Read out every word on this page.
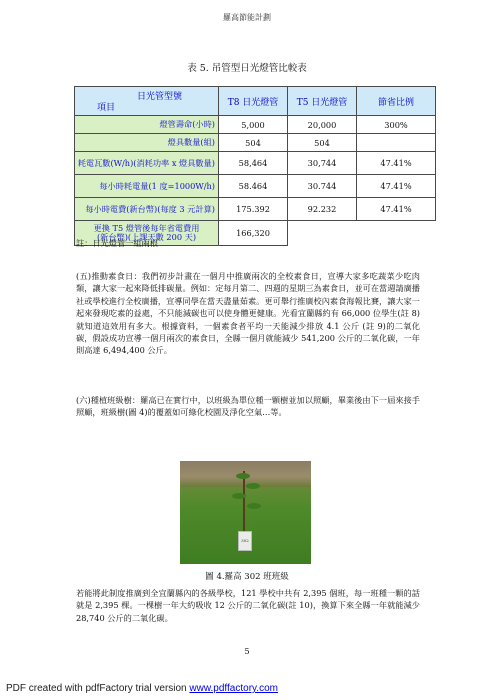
羅高節能計劃
表 5. 吊管型日光燈管比較表
日光管型號
項目	T8 日光燈管	T5 日光燈管	節省比例
燈管壽命(小時)	5,000	20,000	300%
燈具數量(組)	504	504	
耗電瓦數(W/h)(消耗功率 x 燈具數量)	58,464	30,744	47.41%
每小時耗電量(1 度=1000W/h)	58.464	30.744	47.41%
每小時電費(新台幣)(每度 3 元計算)	175.392	92.232	47.41%

更換 T5 燈管後每年省電費用
(新台幣)(上課天數 200 天)	166,320		
註：日光燈管一組兩根

(五)推動素食日：我們初步計畫在一個月中推廣兩次的全校素食日，宣導大家多吃蔬菜少吃肉類，讓大家一起來降低排碳量。例如：定每月第二、四週的星期三為素食日，並可在當週請廣播社或學校進行全校廣播，宣導同學在當天盡量茹素。更可舉行推廣校內素食海報比賽，讓大家一起來發現吃素的益處，不只能減碳也可以使身體更健康。光看宜蘭縣約有 66,000 位學生(註 8)就知道這效用有多大。根據資料，一個素食者平均一天能減少排放 4.1 公斤 (註 9)的二氧化碳，假設成功宣導一個月兩次的素食日，全縣一個月就能減少 541,200 公斤的二氧化碳，一年則高達 6,494,400 公斤。

(六)種植班級樹：羅高已在實行中，以班級為單位種一顆樹並加以照顧，畢業後由下一屆來接手照顧，班級樹(圖 4)的覆蓋如可綠化校園及淨化空氣…等。

302
圖 4.羅高 302 班班級

若能將此制度推廣到全宜蘭縣內的各級學校，121 學校中共有 2,395 個班，每一班種一顆的話就是 2,395 棵。一棵樹一年大約吸收 12 公斤的二氧化碳(註 10)，換算下來全縣一年就能減少 28,740 公斤的二氧化碳。

5
PDF created with pdfFactory trial version www.pdffactory.com
